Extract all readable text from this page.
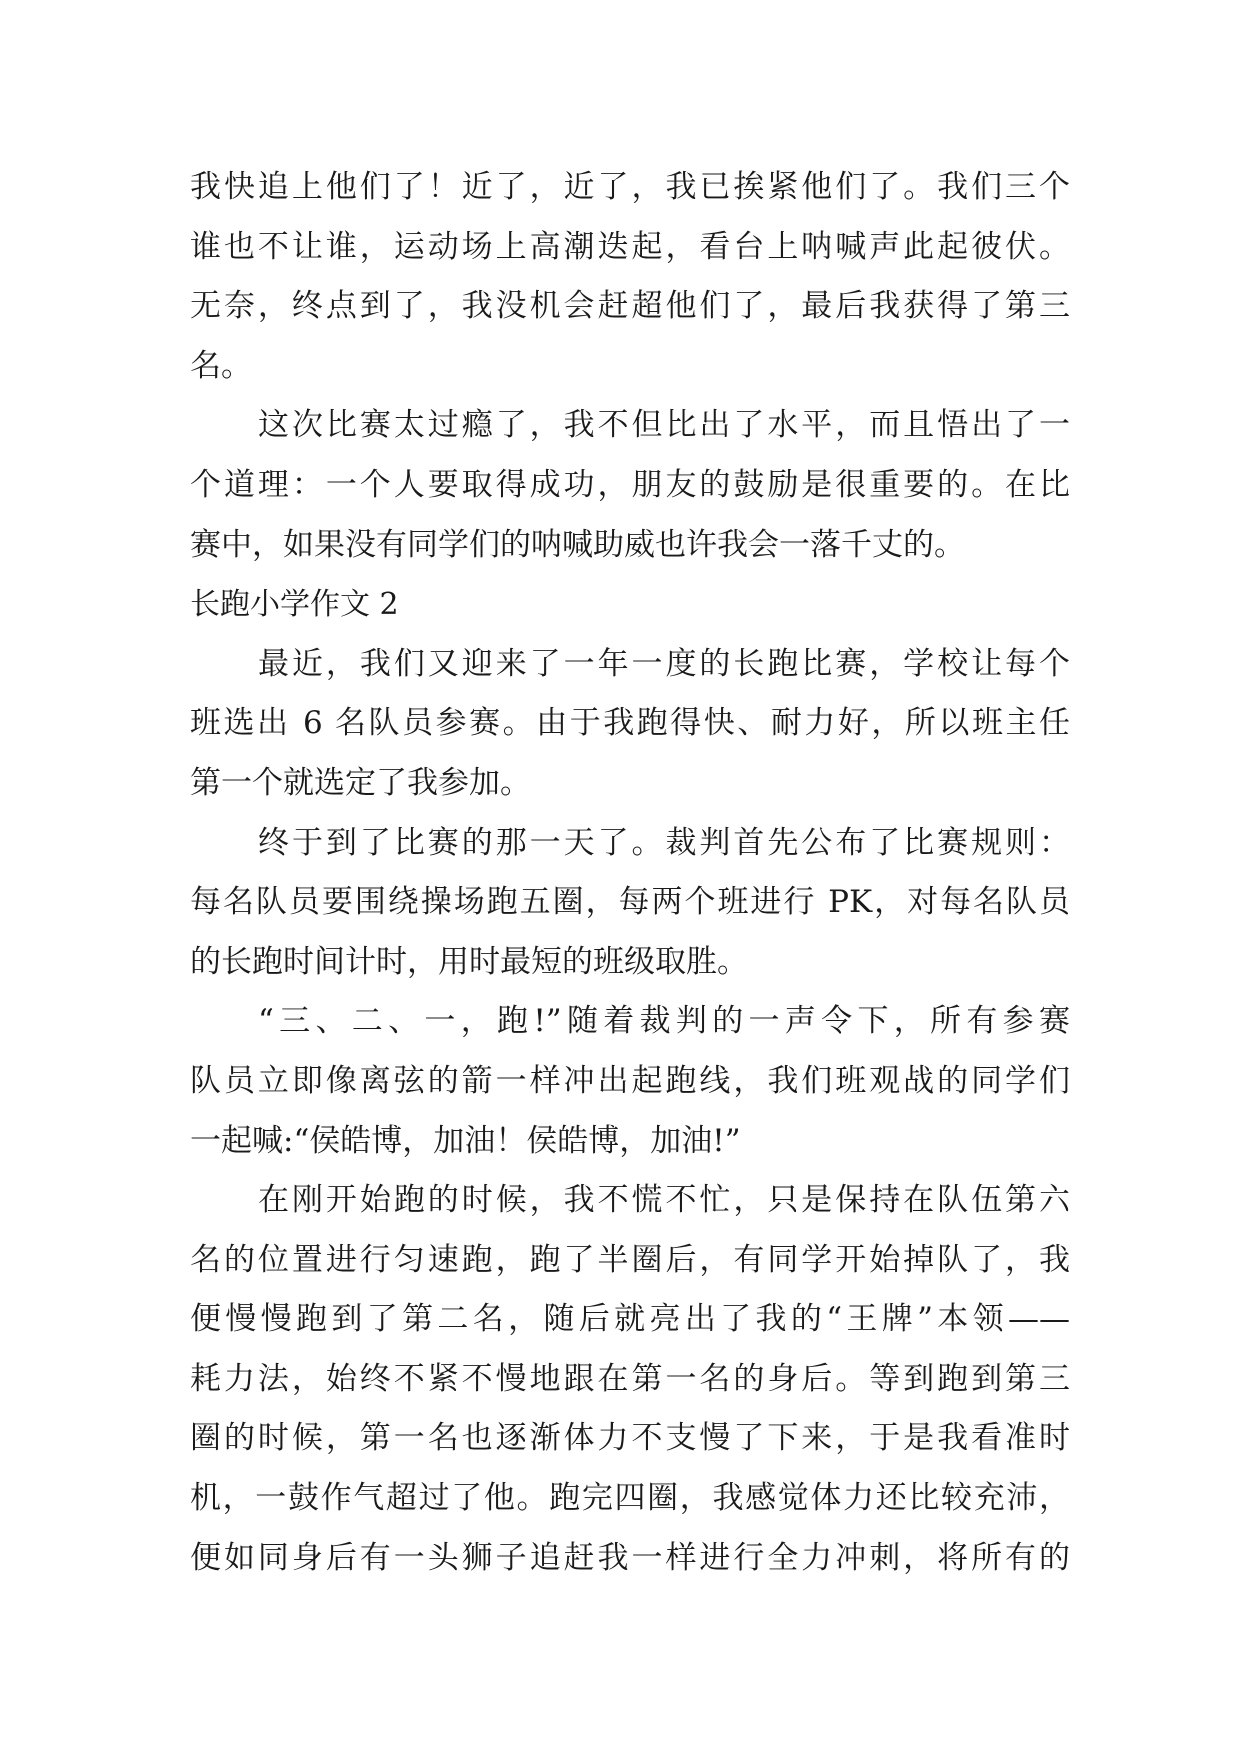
我快追上他们了！近了，近了，我已挨紧他们了。我们三个
谁也不让谁，运动场上高潮迭起，看台上呐喊声此起彼伏。
无奈，终点到了，我没机会赶超他们了，最后我获得了第三
名。
这次比赛太过瘾了，我不但比出了水平，而且悟出了一
个道理：一个人要取得成功，朋友的鼓励是很重要的。在比
赛中，如果没有同学们的呐喊助威也许我会一落千丈的。
长跑小学作文 2
最近，我们又迎来了一年一度的长跑比赛，学校让每个
班选出 6 名队员参赛。由于我跑得快、耐力好，所以班主任
第一个就选定了我参加。
终于到了比赛的那一天了。裁判首先公布了比赛规则：
每名队员要围绕操场跑五圈，每两个班进行 PK，对每名队员
的长跑时间计时，用时最短的班级取胜。
“三、二、一，跑!”随着裁判的一声令下，所有参赛
队员立即像离弦的箭一样冲出起跑线，我们班观战的同学们
一起喊:“侯皓博，加油！侯皓博，加油!”
在刚开始跑的时候，我不慌不忙，只是保持在队伍第六
名的位置进行匀速跑，跑了半圈后，有同学开始掉队了，我
便慢慢跑到了第二名，随后就亮出了我的“王牌”本领——
耗力法，始终不紧不慢地跟在第一名的身后。等到跑到第三
圈的时候，第一名也逐渐体力不支慢了下来，于是我看准时
机，一鼓作气超过了他。跑完四圈，我感觉体力还比较充沛，
便如同身后有一头狮子追赶我一样进行全力冲刺，将所有的
